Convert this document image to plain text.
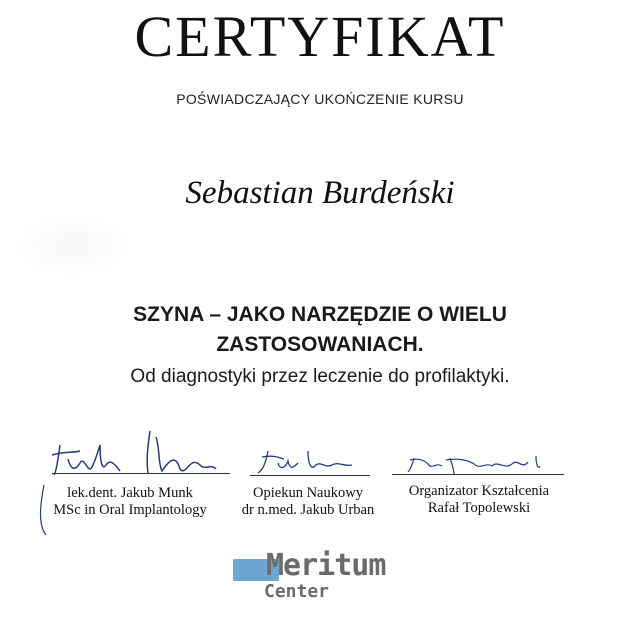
CERTYFIKAT
POŚWIADCZAJĄCY UKOŃCZENIE KURSU
Sebastian Burdeński
SZYNA – JAKO NARZĘDZIE O WIELU
ZASTOSOWANIACH.
Od diagnostyki przez leczenie do profilaktyki.
lek.dent. Jakub Munk
MSc in Oral Implantology
Opiekun Naukowy
dr n.med. Jakub Urban
Organizator Kształcenia
Rafał Topolewski
Meritum
Center
